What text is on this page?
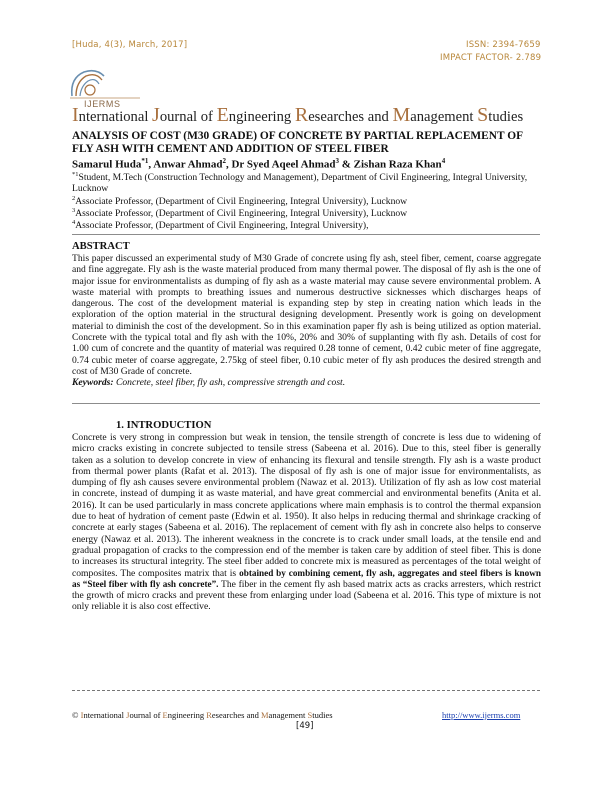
[Huda, 4(3), March, 2017]	ISSN: 2394-7659
IMPACT FACTOR- 2.789
IJERMS
International Journal of Engineering Researches and Management Studies
ANALYSIS OF COST (M30 GRADE) OF CONCRETE BY PARTIAL REPLACEMENT OF FLY ASH WITH CEMENT AND ADDITION OF STEEL FIBER
Samarul Huda$^{*1}$, Anwar Ahmad$^2$, Dr Syed Aqeel Ahmad$^3$ & Zishan Raza Khan$^4$
$^{*1}$Student, M.Tech (Construction Technology and Management), Department of Civil Engineering, Integral University, Lucknow
$^2$Associate Professor, (Department of Civil Engineering, Integral University), Lucknow
$^3$Associate Professor, (Department of Civil Engineering, Integral University), Lucknow
$^4$Associate Professor, (Department of Civil Engineering, Integral University),
ABSTRACT
This paper discussed an experimental study of M30 Grade of concrete using fly ash, steel fiber, cement, coarse aggregate and fine aggregate. Fly ash is the waste material produced from many thermal power. The disposal of fly ash is the one of major issue for environmentalists as dumping of fly ash as a waste material may cause severe environmental problem. A waste material with prompts to breathing issues and numerous destructive sicknesses which discharges heaps of dangerous. The cost of the development material is expanding step by step in creating nation which leads in the exploration of the option material in the structural designing development. Presently work is going on development material to diminish the cost of the development. So in this examination paper fly ash is being utilized as option material. Concrete with the typical total and fly ash with the 10%, 20% and 30% of supplanting with fly ash. Details of cost for 1.00 cum of concrete and the quantity of material was required 0.28 tonne of cement, 0.42 cubic meter of fine aggregate, 0.74 cubic meter of coarse aggregate, 2.75kg of steel fiber, 0.10 cubic meter of fly ash produces the desired strength and cost of M30 Grade of concrete.
Keywords: Concrete, steel fiber, fly ash, compressive strength and cost.
1. INTRODUCTION
Concrete is very strong in compression but weak in tension, the tensile strength of concrete is less due to widening of micro cracks existing in concrete subjected to tensile stress (Sabeena et al. 2016). Due to this, steel fiber is generally taken as a solution to develop concrete in view of enhancing its flexural and tensile strength. Fly ash is a waste product from thermal power plants (Rafat et al. 2013). The disposal of fly ash is one of major issue for environmentalists, as dumping of fly ash causes severe environmental problem (Nawaz et al. 2013). Utilization of fly ash as low cost material in concrete, instead of dumping it as waste material, and have great commercial and environmental benefits (Anita et al. 2016). It can be used particularly in mass concrete applications where main emphasis is to control the thermal expansion due to heat of hydration of cement paste (Edwin et al. 1950). It also helps in reducing thermal and shrinkage cracking of concrete at early stages (Sabeena et al. 2016). The replacement of cement with fly ash in concrete also helps to conserve energy (Nawaz et al. 2013). The inherent weakness in the concrete is to crack under small loads, at the tensile end and gradual propagation of cracks to the compression end of the member is taken care by addition of steel fiber. This is done to increases its structural integrity. The steel fiber added to concrete mix is measured as percentages of the total weight of composites. The composites matrix that is obtained by combining cement, fly ash, aggregates and steel fibers is known as “Steel fiber with fly ash concrete”. The fiber in the cement fly ash based matrix acts as cracks arresters, which restrict the growth of micro cracks and prevent these from enlarging under load (Sabeena et al. 2016. This type of mixture is not only reliable it is also cost effective.
© International Journal of Engineering Researches and Management Studies	http://www.ijerms.com
[49]
